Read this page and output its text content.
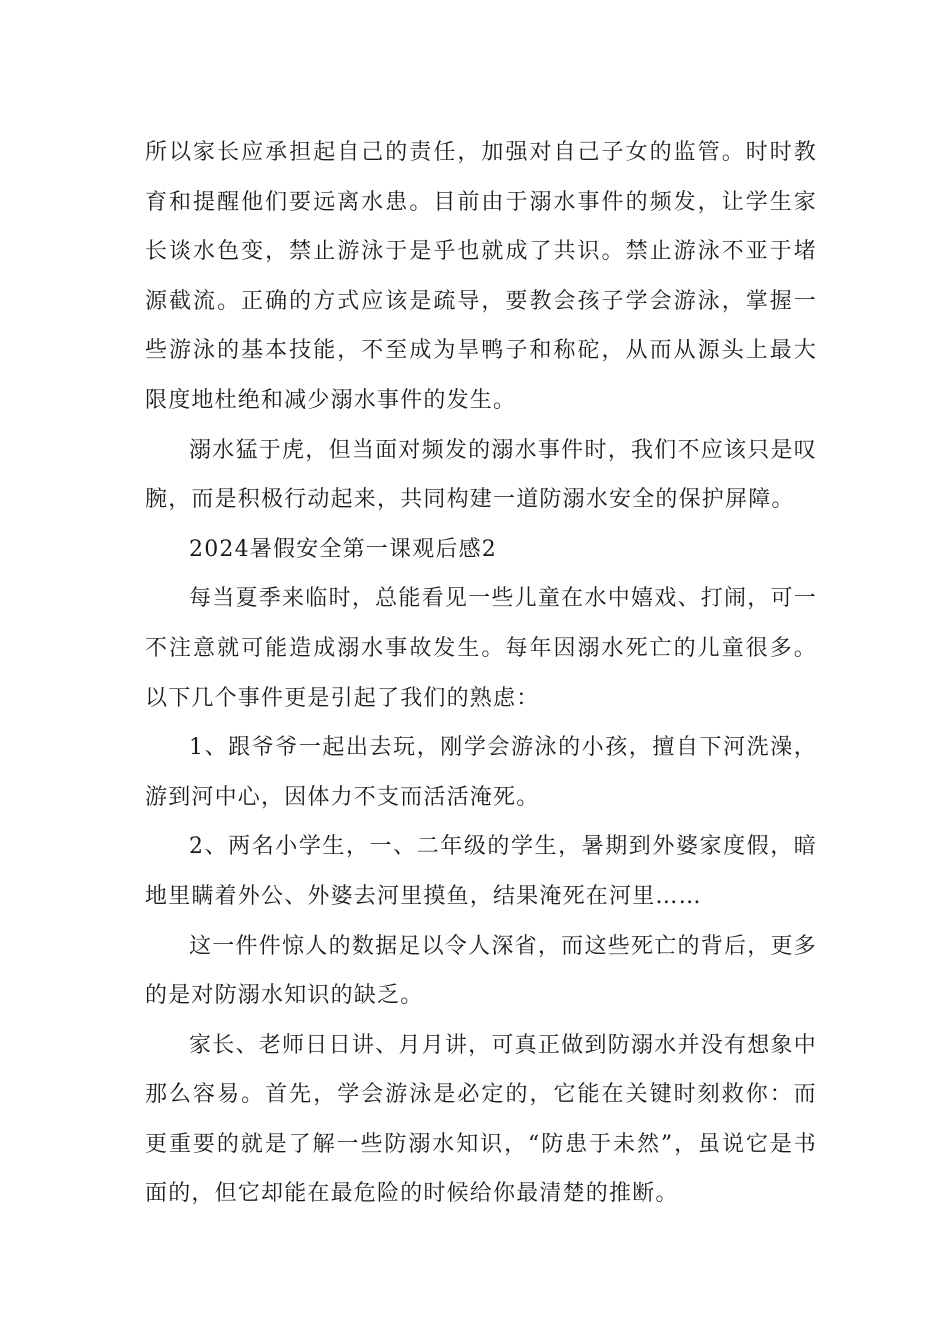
所以家长应承担起自己的责任，加强对自己子女的监管。时时教育和提醒他们要远离水患。目前由于溺水事件的频发，让学生家长谈水色变，禁止游泳于是乎也就成了共识。禁止游泳不亚于堵源截流。正确的方式应该是疏导，要教会孩子学会游泳，掌握一些游泳的基本技能，不至成为旱鸭子和称砣，从而从源头上最大限度地杜绝和减少溺水事件的发生。

溺水猛于虎，但当面对频发的溺水事件时，我们不应该只是叹腕，而是积极行动起来，共同构建一道防溺水安全的保护屏障。

2024暑假安全第一课观后感2

每当夏季来临时，总能看见一些儿童在水中嬉戏、打闹，可一不注意就可能造成溺水事故发生。每年因溺水死亡的儿童很多。以下几个事件更是引起了我们的熟虑：

1、跟爷爷一起出去玩，刚学会游泳的小孩，擅自下河洗澡，游到河中心，因体力不支而活活淹死。

2、两名小学生，一、二年级的学生，暑期到外婆家度假，暗地里瞒着外公、外婆去河里摸鱼，结果淹死在河里……

这一件件惊人的数据足以令人深省，而这些死亡的背后，更多的是对防溺水知识的缺乏。

家长、老师日日讲、月月讲，可真正做到防溺水并没有想象中那么容易。首先，学会游泳是必定的，它能在关键时刻救你：而更重要的就是了解一些防溺水知识，“防患于未然”，虽说它是书面的，但它却能在最危险的时候给你最清楚的推断。
